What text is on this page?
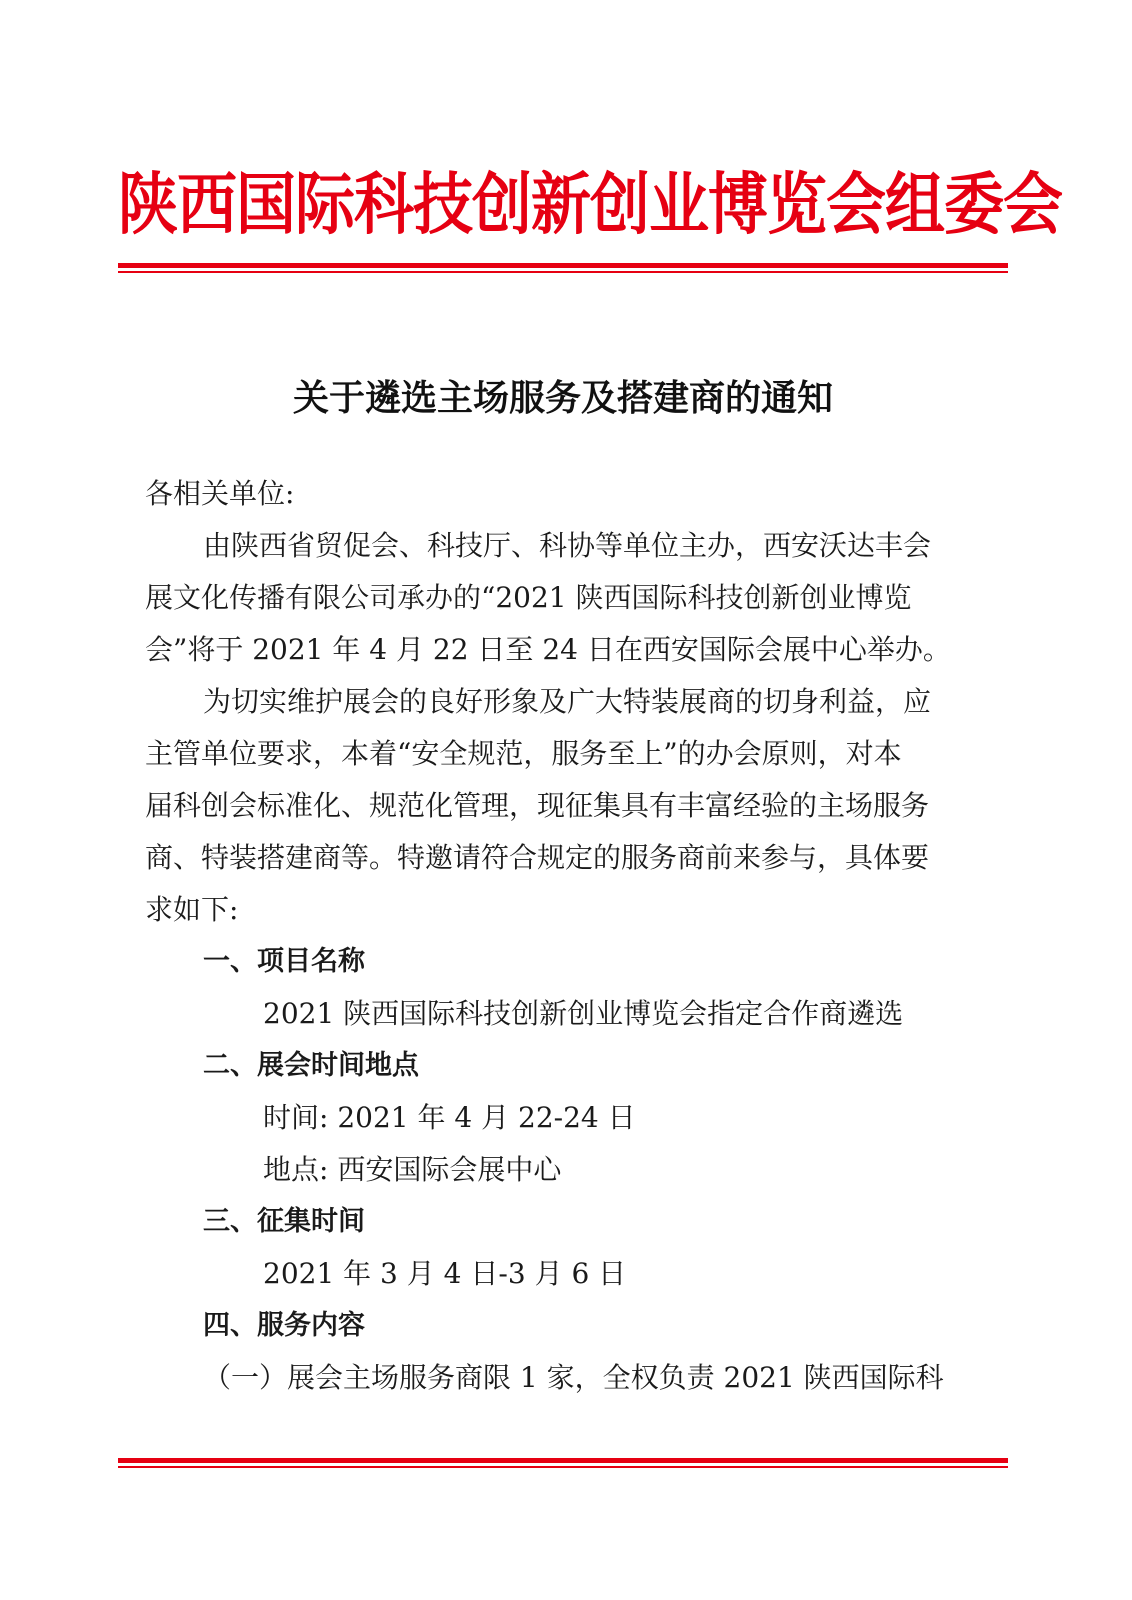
陕西国际科技创新创业博览会组委会
关于遴选主场服务及搭建商的通知
各相关单位:
由陕西省贸促会、科技厅、科协等单位主办，西安沃达丰会
展文化传播有限公司承办的“2021 陕西国际科技创新创业博览
会”将于 2021 年 4 月 22 日至 24 日在西安国际会展中心举办。
为切实维护展会的良好形象及广大特装展商的切身利益，应
主管单位要求，本着“安全规范，服务至上”的办会原则，对本
届科创会标准化、规范化管理，现征集具有丰富经验的主场服务
商、特装搭建商等。特邀请符合规定的服务商前来参与，具体要
求如下:
一、项目名称
2021 陕西国际科技创新创业博览会指定合作商遴选
二、展会时间地点
时间: 2021 年 4 月 22-24 日
地点: 西安国际会展中心
三、征集时间
2021 年 3 月 4 日-3 月 6 日
四、服务内容
（一）展会主场服务商限 1 家，全权负责 2021 陕西国际科
